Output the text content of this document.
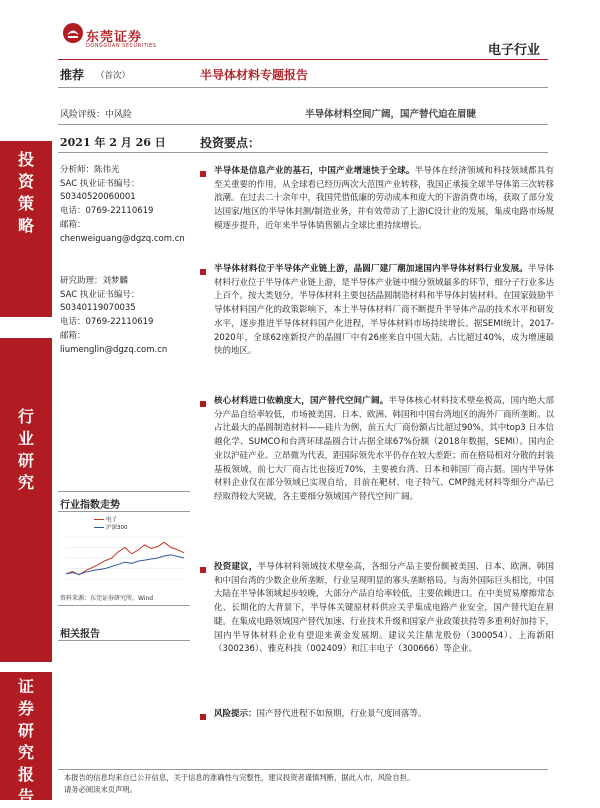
东莞证券
DONGGUAN SECURITIES	电子行业
推荐 （首次）	半导体材料专题报告
风险评级：中风险	半导体材料空间广阔，国产替代迫在眉睫
2021 年 2 月 26 日	投资要点：
投
资
策
略
行
业
研
究
证
券
研
究
报
告
分析师：陈伟光
SAC 执业证书编号：
S0340520060001
电话：0769-22110619
邮箱：
chenweiguang@dgzq.com.cn
研究助理：刘梦麟
SAC 执业证书编号：
S0340119070035
电话：0769-22110619
邮箱：
liumenglin@dgzq.com.cn
行业指数走势
电子
沪深300
资料来源：东莞证券研究所，Wind
相关报告
半导体是信息产业的基石，中国产业增速快于全球。半导体在经济领域和科技领域都具有至关重要的作用，从全球看已经历两次大范围产业转移，我国正承接全球半导体第三次转移浪潮。在过去二十余年中，我国凭借低廉的劳动成本和庞大的下游消费市场，获取了部分发达国家/地区的半导体封测/制造业务，并有效带动了上游IC设计业的发展，集成电路市场规模逐步提升，近年来半导体销售额占全球比重持续增长。
半导体材料位于半导体产业链上游，晶圆厂建厂潮加速国内半导体材料行业发展。半导体材料行业位于半导体产业链上游，是半导体产业链中细分领域最多的环节，细分子行业多达上百个。按大类划分，半导体材料主要包括晶圆制造材料和半导体封装材料。在国家鼓励半导体材料国产化的政策影响下，本土半导体材料厂商不断提升半导体产品的技术水平和研发水平，逐步推进半导体材料国产化进程，半导体材料市场持续增长。据SEMI统计，2017-2020年，全球62座新投产的晶圆厂中有26座来自中国大陆，占比超过40%，成为增速最快的地区。
核心材料进口依赖度大，国产替代空间广阔。半导体核心材料技术壁垒极高，国内绝大部分产品自给率较低，市场被美国、日本、欧洲、韩国和中国台湾地区的海外厂商所垄断。以占比最大的晶圆制造材料——硅片为例，前五大厂商份额占比超过90%，其中top3 日本信越化学、SUMCO和台湾环球晶圆合计占据全球67%份额（2018年数据，SEMI）。国内企业以沪硅产业、立昂微为代表，距国际领先水平仍存在较大差距；而在格局相对分散的封装基板领域，前七大厂商占比也接近70%，主要被台湾、日本和韩国厂商占据。国内半导体材料企业仅在部分领域已实现自给，目前在靶材、电子特气、CMP抛光材料等细分产品已经取得较大突破，各主要细分领域国产替代空间广阔。
投资建议，半导体材料领域技术壁垒高，各细分产品主要份额被美国、日本、欧洲、韩国和中国台湾的少数企业所垄断，行业呈现明显的寡头垄断格局。与海外国际巨头相比，中国大陆在半导体领域起步较晚，大部分产品自给率较低，主要依赖进口。在中美贸易摩擦常态化、长期化的大背景下，半导体关键原材料供应关乎集成电路产业安全，国产替代迫在眉睫。在集成电路领域国产替代加速、行业技术升级和国家产业政策扶持等多重利好加持下，国内半导体材料企业有望迎来黄金发展期。建议关注鼎龙股份（300054）、上海新阳（300236）、雅克科技（002409）和江丰电子（300666）等企业。
风险提示：国产替代进程不如预期，行业景气度回落等。
本报告的信息均来自已公开信息，关于信息的准确性与完整性，建议投资者谨慎判断，据此入市，风险自担。
请务必阅读末页声明。
